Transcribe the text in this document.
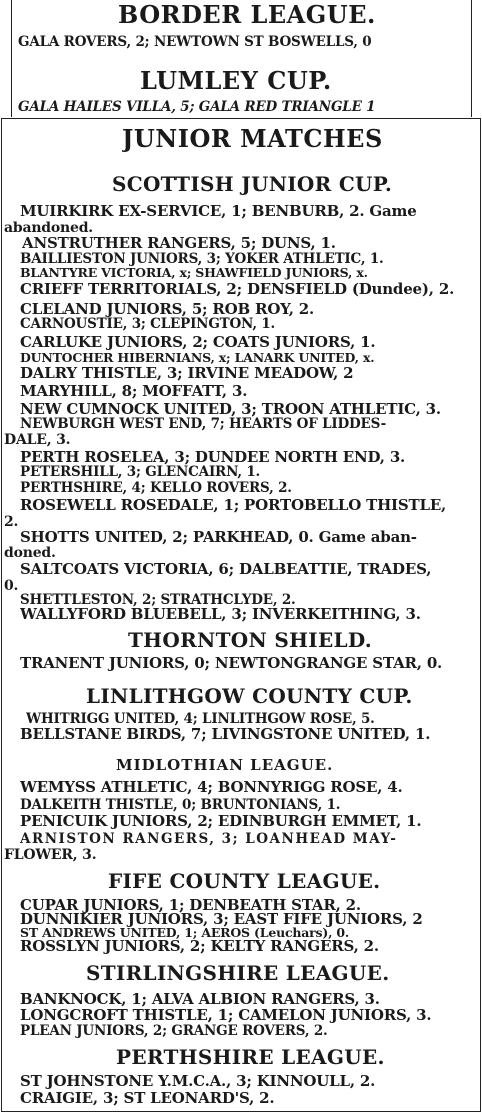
BORDER LEAGUE.
GALA ROVERS, 2; NEWTOWN ST BOSWELLS, 0
LUMLEY CUP.
GALA HAILES VILLA, 5; GALA RED TRIANGLE 1
JUNIOR MATCHES
SCOTTISH JUNIOR CUP.
MUIRKIRK EX-SERVICE, 1; BENBURB, 2. Game
abandoned.
ANSTRUTHER RANGERS, 5; DUNS, 1.
BAILLIESTON JUNIORS, 3; YOKER ATHLETIC, 1.
BLANTYRE VICTORIA, x; SHAWFIELD JUNIORS, x.
CRIEFF TERRITORIALS, 2; DENSFIELD (Dundee), 2.
CLELAND JUNIORS, 5; ROB ROY, 2.
CARNOUSTIE, 3; CLEPINGTON, 1.
CARLUKE JUNIORS, 2; COATS JUNIORS, 1.
DUNTOCHER HIBERNIANS, x; LANARK UNITED, x.
DALRY THISTLE, 3; IRVINE MEADOW, 2
MARYHILL, 8; MOFFATT, 3.
NEW CUMNOCK UNITED, 3; TROON ATHLETIC, 3.
NEWBURGH WEST END, 7; HEARTS OF LIDDES-
DALE, 3.
PERTH ROSELEA, 3; DUNDEE NORTH END, 3.
PETERSHILL, 3; GLENCAIRN, 1.
PERTHSHIRE, 4; KELLO ROVERS, 2.
ROSEWELL ROSEDALE, 1; PORTOBELLO THISTLE,
2.
SHOTTS UNITED, 2; PARKHEAD, 0. Game aban-
doned.
SALTCOATS VICTORIA, 6; DALBEATTIE, TRADES,
0.
SHETTLESTON, 2; STRATHCLYDE, 2.
WALLYFORD BLUEBELL, 3; INVERKEITHING, 3.
THORNTON SHIELD.
TRANENT JUNIORS, 0; NEWTONGRANGE STAR, 0.
LINLITHGOW COUNTY CUP.
WHITRIGG UNITED, 4; LINLITHGOW ROSE, 5.
BELLSTANE BIRDS, 7; LIVINGSTONE UNITED, 1.
MIDLOTHIAN LEAGUE.
WEMYSS ATHLETIC, 4; BONNYRIGG ROSE, 4.
DALKEITH THISTLE, 0; BRUNTONIANS, 1.
PENICUIK JUNIORS, 2; EDINBURGH EMMET, 1.
ARNISTON RANGERS, 3; LOANHEAD MAY-
FLOWER, 3.
FIFE COUNTY LEAGUE.
CUPAR JUNIORS, 1; DENBEATH STAR, 2.
DUNNIKIER JUNIORS, 3; EAST FIFE JUNIORS, 2
ST ANDREWS UNITED, 1; AEROS (Leuchars), 0.
ROSSLYN JUNIORS, 2; KELTY RANGERS, 2.
STIRLINGSHIRE LEAGUE.
BANKNOCK, 1; ALVA ALBION RANGERS, 3.
LONGCROFT THISTLE, 1; CAMELON JUNIORS, 3.
PLEAN JUNIORS, 2; GRANGE ROVERS, 2.
PERTHSHIRE LEAGUE.
ST JOHNSTONE Y.M.C.A., 3; KINNOULL, 2.
CRAIGIE, 3; ST LEONARD'S, 2.
